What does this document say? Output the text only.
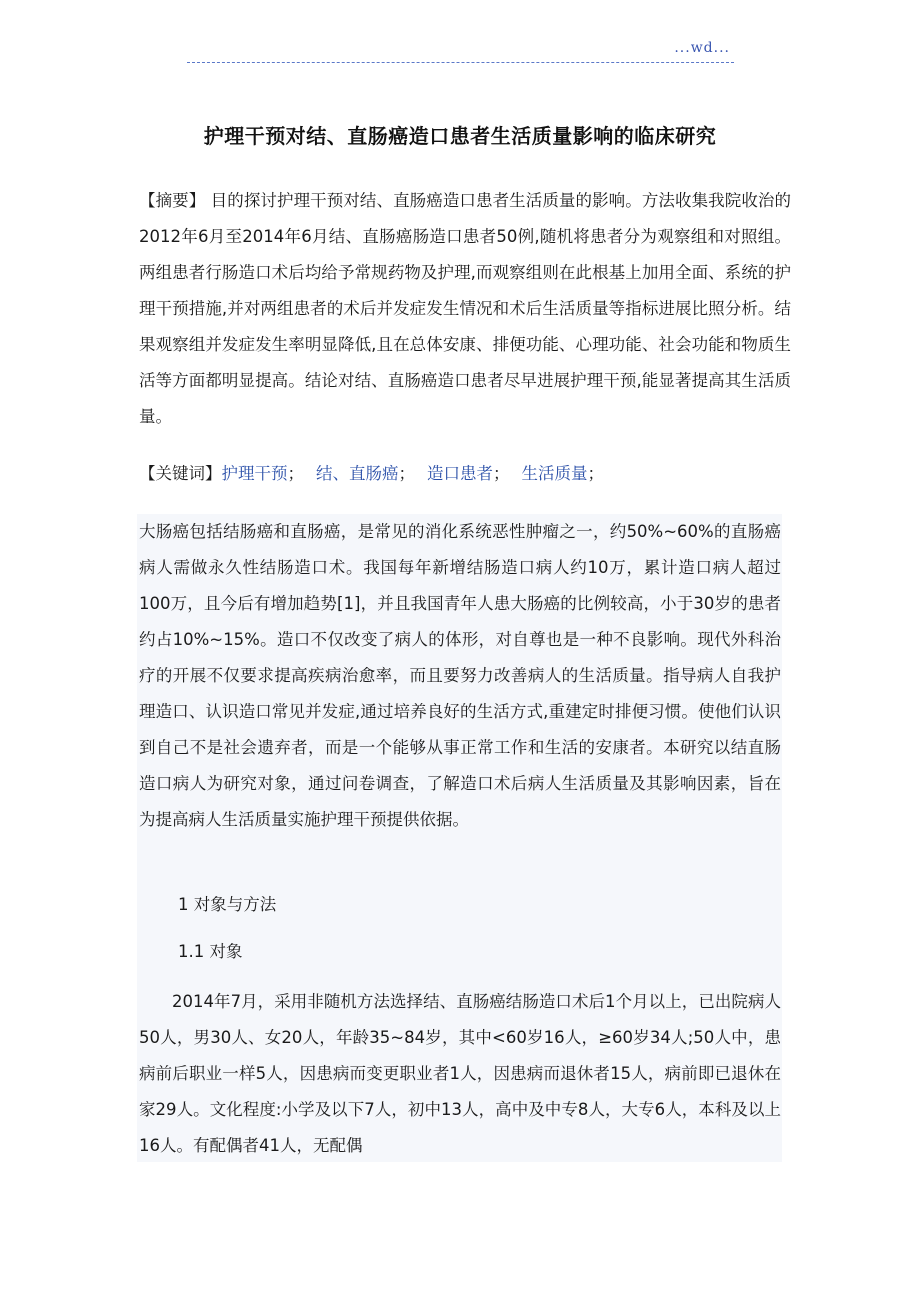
...wd...
护理干预对结、直肠癌造口患者生活质量影响的临床研究
【摘要】 目的探讨护理干预对结、直肠癌造口患者生活质量的影响。方法收集我院收治的2012年6月至2014年6月结、直肠癌肠造口患者50例,随机将患者分为观察组和对照组。两组患者行肠造口术后均给予常规药物及护理,而观察组则在此根基上加用全面、系统的护理干预措施,并对两组患者的术后并发症发生情况和术后生活质量等指标进展比照分析。结果观察组并发症发生率明显降低,且在总体安康、排便功能、心理功能、社会功能和物质生活等方面都明显提高。结论对结、直肠癌造口患者尽早进展护理干预,能显著提高其生活质量。
【关键词】护理干预； 结、直肠癌； 造口患者； 生活质量；
大肠癌包括结肠癌和直肠癌，是常见的消化系统恶性肿瘤之一，约50%~60%的直肠癌病人需做永久性结肠造口术。我国每年新增结肠造口病人约10万，累计造口病人超过100万，且今后有增加趋势[1]，并且我国青年人患大肠癌的比例较高，小于30岁的患者约占10%~15%。造口不仅改变了病人的体形，对自尊也是一种不良影响。现代外科治疗的开展不仅要求提高疾病治愈率，而且要努力改善病人的生活质量。指导病人自我护理造口、认识造口常见并发症,通过培养良好的生活方式,重建定时排便习惯。使他们认识到自己不是社会遗弃者，而是一个能够从事正常工作和生活的安康者。本研究以结直肠造口病人为研究对象，通过问卷调查，了解造口术后病人生活质量及其影响因素，旨在为提高病人生活质量实施护理干预提供依据。
1 对象与方法
1.1 对象
2014年7月，采用非随机方法选择结、直肠癌结肠造口术后1个月以上，已出院病人50人，男30人、女20人，年龄35~84岁，其中<60岁16人，≥60岁34人;50人中，患病前后职业一样5人，因患病而变更职业者1人，因患病而退休者15人，病前即已退休在家29人。文化程度:小学及以下7人，初中13人，高中及中专8人，大专6人，本科及以上16人。有配偶者41人，无配偶
